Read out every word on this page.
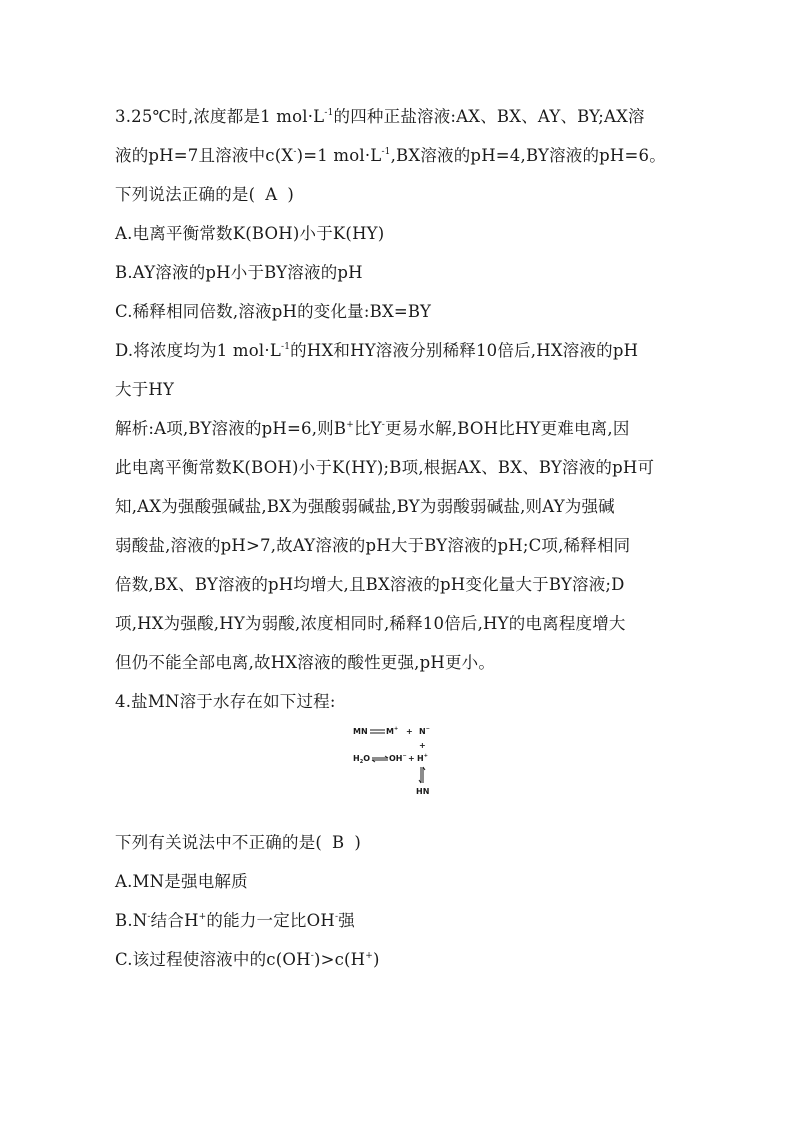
3.25℃时,浓度都是1 $mol\cdot L^{-1}$的四种正盐溶液:AX、BX、AY、BY;AX溶
液的pH=7且溶液中c(X-)=1 $mol\cdot L^{-1},BX$溶液的pH=4,BY溶液的pH=6。
下列说法正确的是( A )
A.电离平衡常数K(BOH)小于K(HY)
B.AY溶液的pH小于BY溶液的pH
C.稀释相同倍数,溶液pH的变化量:BX=BY
D.将浓度均为1 $mol\cdot L^{-1}$的HX和HY溶液分别稀释10倍后,HX溶液的pH
大于HY
解析:A项,BY溶液的pH=6,则B+比Y-更易水解,BOH比HY更难电离,因
此电离平衡常数K(BOH)小于K(HY);B项,根据AX、BX、BY溶液的pH可
知,AX为强酸强碱盐,BX为强酸弱碱盐,BY为弱酸弱碱盐,则AY为强碱
弱酸盐,溶液的pH>7,故AY溶液的pH大于BY溶液的pH;C项,稀释相同
倍数,BX、BY溶液的pH均增大,且BX溶液的pH变化量大于BY溶液;D
项,HX为强酸,HY为弱酸,浓度相同时,稀释10倍后,HY的电离程度增大
但仍不能全部电离,故HX溶液的酸性更强,pH更小。
4.盐MN溶于水存在如下过程:
MN M+ + N−
+
$H_2O$ OH− + H+
HN
下列有关说法中不正确的是( B )
A.MN是强电解质
B.N-结合H+的能力一定比OH-强
C.该过程使溶液中的c(OH-)>c(H+)
